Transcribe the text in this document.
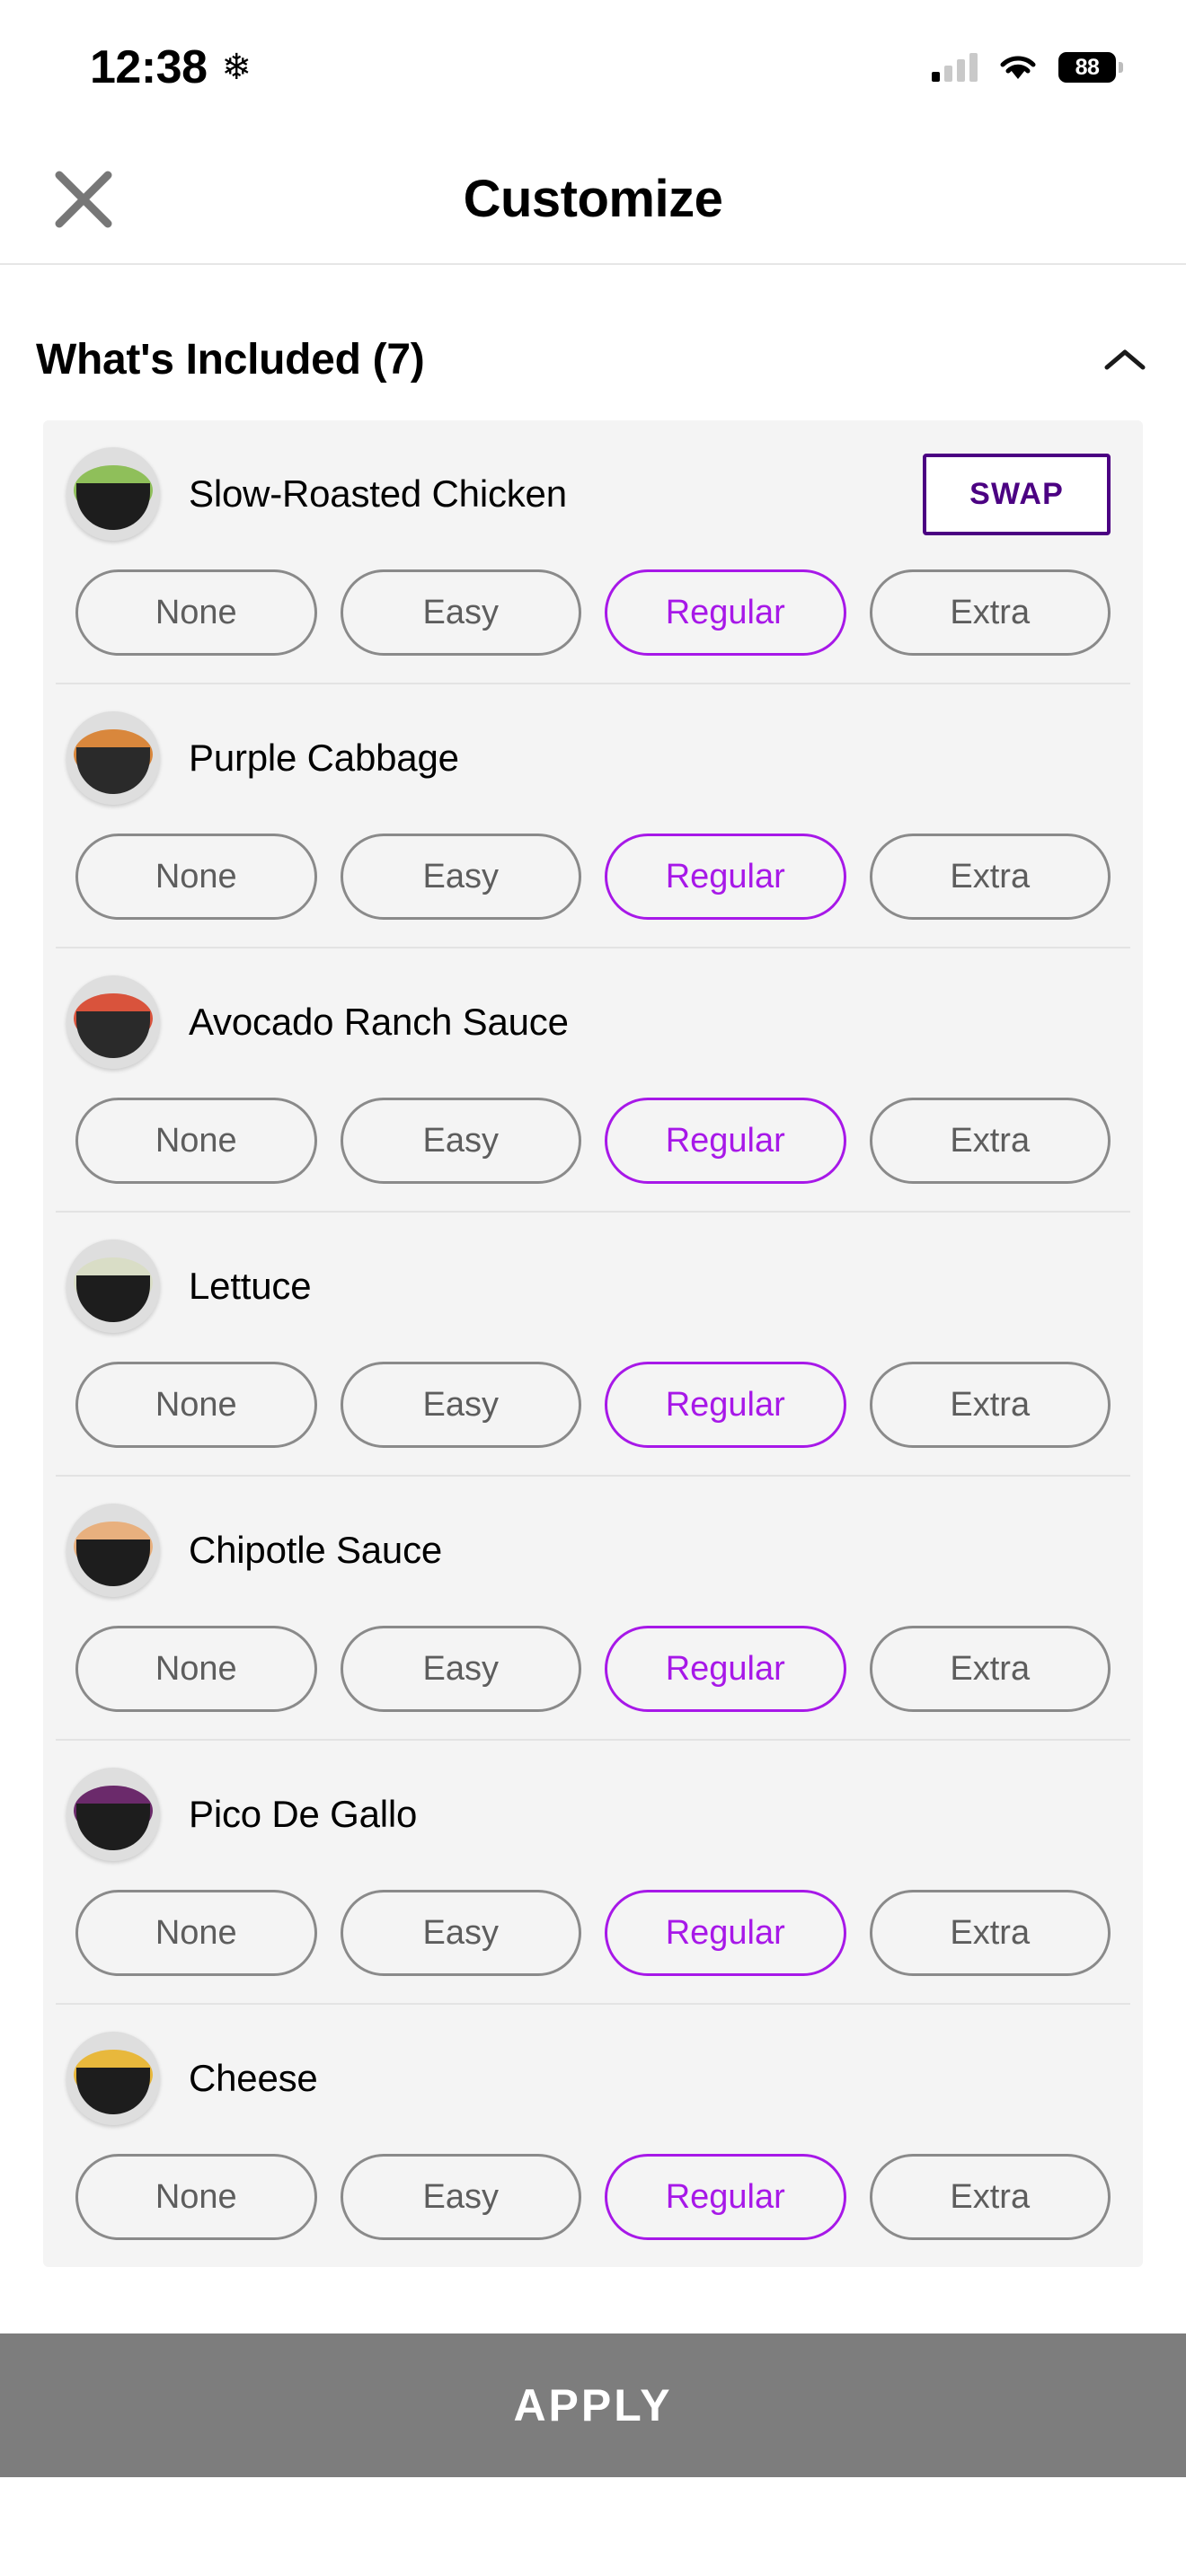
12:38 ❄	88
Customize
What's Included (7)
Slow-Roasted Chicken	SWAP
None	Easy	Regular	Extra
Purple Cabbage
None	Easy	Regular	Extra
Avocado Ranch Sauce
None	Easy	Regular	Extra
Lettuce
None	Easy	Regular	Extra
Chipotle Sauce
None	Easy	Regular	Extra
Pico De Gallo
None	Easy	Regular	Extra
Cheese
None	Easy	Regular	Extra
APPLY
